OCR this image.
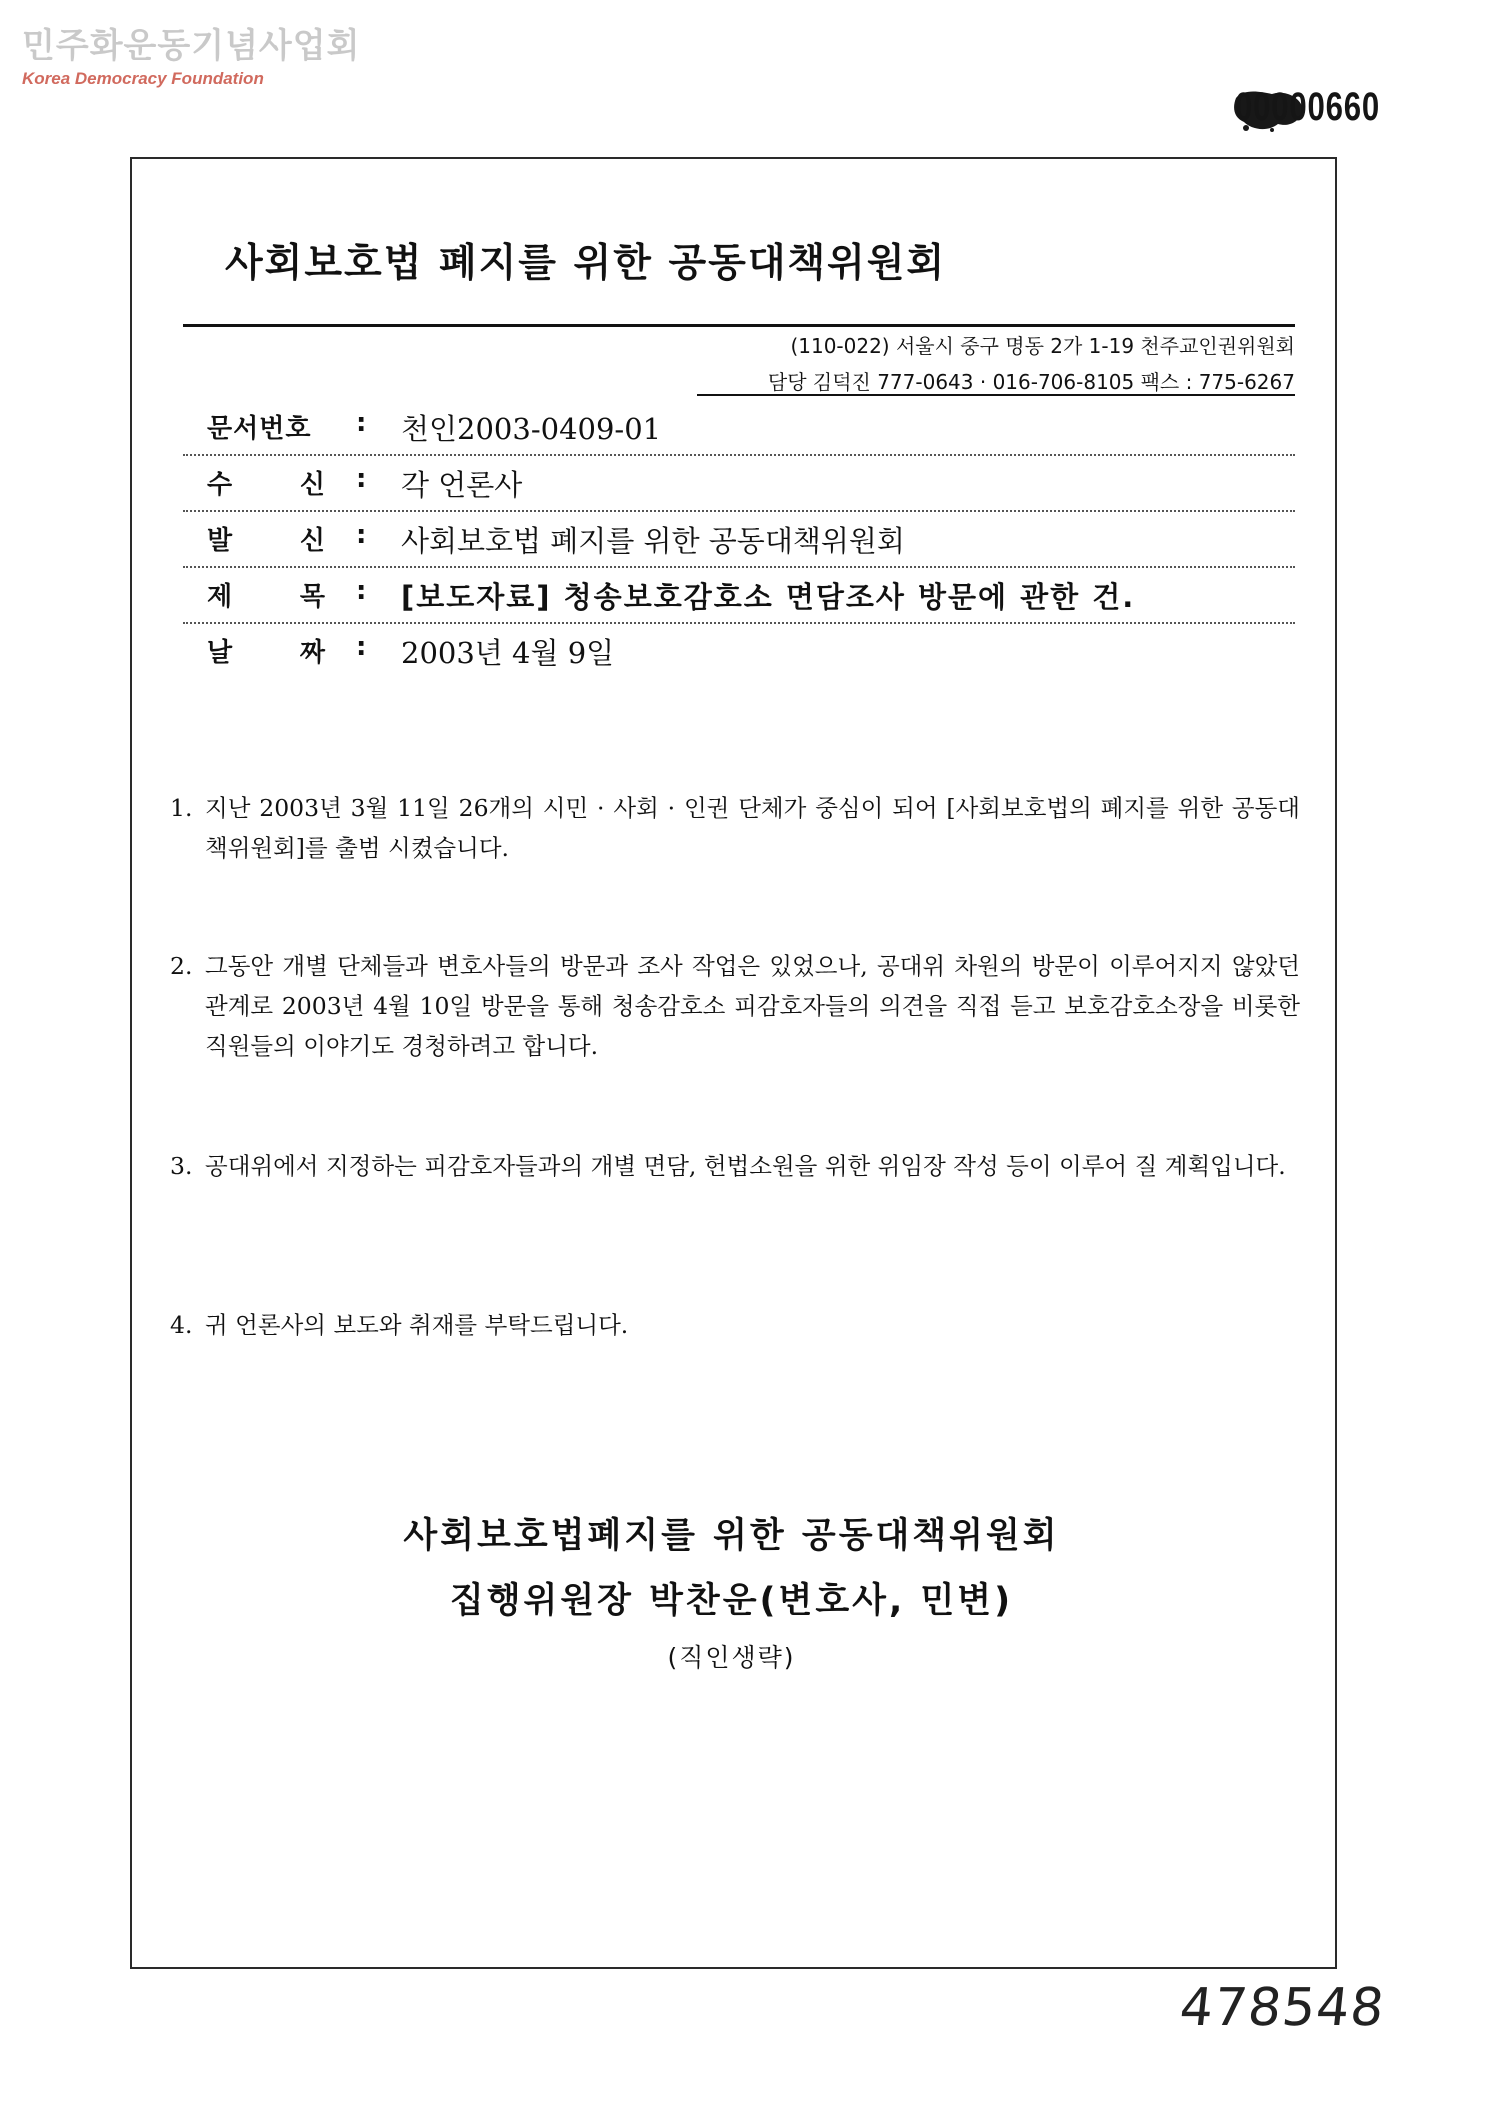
민주화운동기념사업회
Korea Democracy Foundation
00000660
사회보호법 폐지를 위한 공동대책위원회
(110-022) 서울시 중구 명동 2가 1-19 천주교인권위원회
담당 김덕진 777-0643 · 016-706-8105 팩스 : 775-6267
문서번호	: 천인2003-0409-01
수	신 : 각 언론사
발	신 : 사회보호법 폐지를 위한 공동대책위원회
제	목 : [보도자료] 청송보호감호소 면담조사 방문에 관한 건.
날	짜 : 2003년 4월 9일
1. 지난 2003년 3월 11일 26개의 시민 · 사회 · 인권 단체가 중심이 되어 [사회보호법의 폐지를 위한 공동대책위원회]를 출범 시켰습니다.
2. 그동안 개별 단체들과 변호사들의 방문과 조사 작업은 있었으나, 공대위 차원의 방문이 이루어지지 않았던 관계로 2003년 4월 10일 방문을 통해 청송감호소 피감호자들의 의견을 직접 듣고 보호감호소장을 비롯한 직원들의 이야기도 경청하려고 합니다.
3. 공대위에서 지정하는 피감호자들과의 개별 면담, 헌법소원을 위한 위임장 작성 등이 이루어 질 계획입니다.
4. 귀 언론사의 보도와 취재를 부탁드립니다.
사회보호법폐지를 위한 공동대책위원회
집행위원장 박찬운(변호사, 민변)
(직인생략)
478548
